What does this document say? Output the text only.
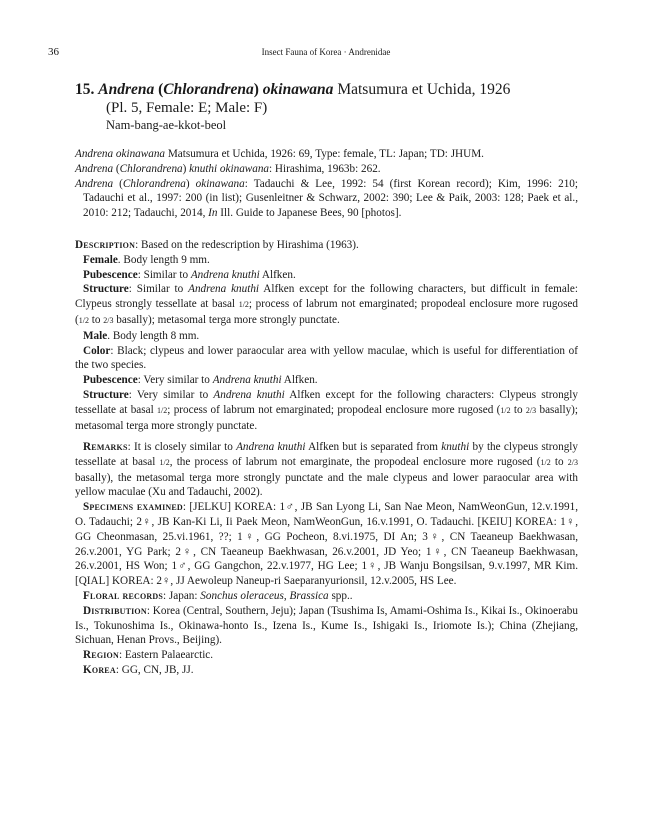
36	Insect Fauna of Korea · Andrenidae
15. Andrena (Chlorandrena) okinawana Matsumura et Uchida, 1926
(Pl. 5, Female: E; Male: F)
Nam-bang-ae-kkot-beol

Andrena okinawana Matsumura et Uchida, 1926: 69, Type: female, TL: Japan; TD: JHUM.

Andrena (Chlorandrena) knuthi okinawana: Hirashima, 1963b: 262.

Andrena (Chlorandrena) okinawana: Tadauchi & Lee, 1992: 54 (first Korean record); Kim, 1996: 210; Tadauchi et al., 1997: 200 (in list); Gusenleitner & Schwarz, 2002: 390; Lee & Paik, 2003: 128; Paek et al., 2010: 212; Tadauchi, 2014, In Ill. Guide to Japanese Bees, 90 [photos].

Description: Based on the redescription by Hirashima (1963).

Female. Body length 9 mm.

Pubescence: Similar to Andrena knuthi Alfken.

Structure: Similar to Andrena knuthi Alfken except for the following characters, but difficult in female: Clypeus strongly tessellate at basal 1/2; process of labrum not emarginated; propodeal enclosure more rugosed (1/2 to 2/3 basally); metasomal terga more strongly punctate.

Male. Body length 8 mm.

Color: Black; clypeus and lower paraocular area with yellow maculae, which is useful for differentiation of the two species.

Pubescence: Very similar to Andrena knuthi Alfken.

Structure: Very similar to Andrena knuthi Alfken except for the following characters: Clypeus strongly tessellate at basal 1/2; process of labrum not emarginated; propodeal enclosure more rugosed (1/2 to 2/3 basally); metasomal terga more strongly punctate.

Remarks: It is closely similar to Andrena knuthi Alfken but is separated from knuthi by the clypeus strongly tessellate at basal 1/2, the process of labrum not emarginate, the propodeal enclosure more rugosed (1/2 to 2/3 basally), the metasomal terga more strongly punctate and the male clypeus and lower paraocular area with yellow maculae (Xu and Tadauchi, 2002).

Specimens examined: [JELKU] KOREA: 1♂, JB San Lyong Li, San Nae Meon, NamWeonGun, 12.v.1991, O. Tadauchi; 2♀, JB Kan-Ki Li, Ii Paek Meon, NamWeonGun, 16.v.1991, O. Tadauchi. [KEIU] KOREA: 1♀, GG Cheonmasan, 25.vi.1961, ??; 1♀, GG Pocheon, 8.vi.1975, DI An; 3♀, CN Taeaneup Baekhwasan, 26.v.2001, YG Park; 2♀, CN Taeaneup Baekhwasan, 26.v.2001, JD Yeo; 1♀, CN Taeaneup Baekhwasan, 26.v.2001, HS Won; 1♂, GG Gangchon, 22.v.1977, HG Lee; 1♀, JB Wanju Bongsilsan, 9.v.1997, MR Kim. [QIAL] KOREA: 2♀, JJ Aewoleup Naneup-ri Saeparanyurionsil, 12.v.2005, HS Lee.

Floral records: Japan: Sonchus oleraceus, Brassica spp..

Distribution: Korea (Central, Southern, Jeju); Japan (Tsushima Is, Amami-Oshima Is., Kikai Is., Okinoerabu Is., Tokunoshima Is., Okinawa-honto Is., Izena Is., Kume Is., Ishigaki Is., Iriomote Is.); China (Zhejiang, Sichuan, Henan Provs., Beijing).

Region: Eastern Palaearctic.

Korea: GG, CN, JB, JJ.
